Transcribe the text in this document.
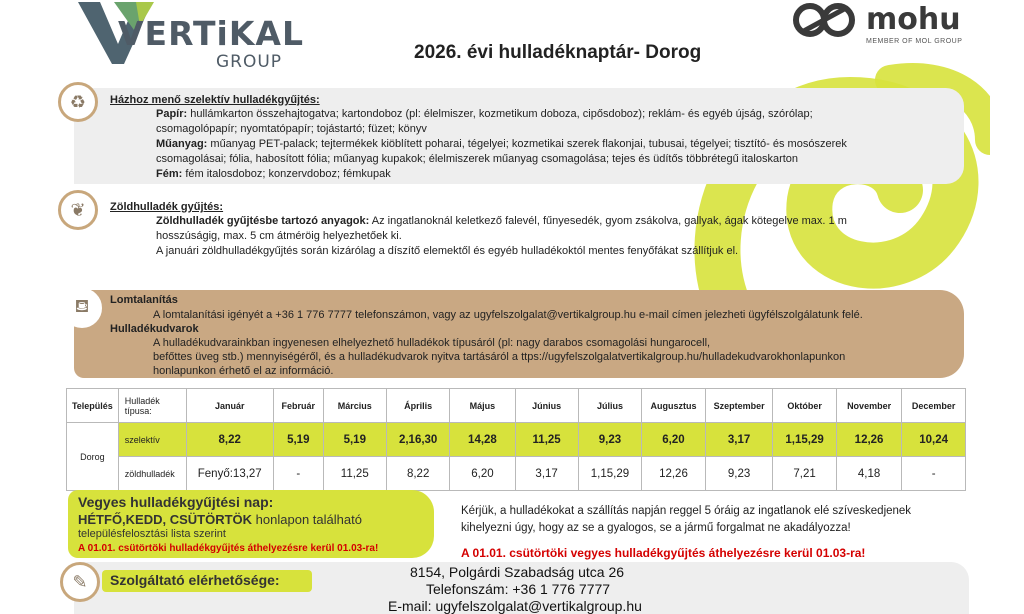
VERTiKAL
GROUP
mohu
MEMBER OF MOL GROUP
2026. évi hulladéknaptár- Dorog
♻	Házhoz menő szelektív hulladékgyűjtés:
Papír: hullámkarton összehajtogatva; kartondoboz (pl: élelmiszer, kozmetikum doboza, cipősdoboz); reklám- és egyéb újság, szórólap;
csomagolópapír; nyomtatópapír; tojástartó; füzet; könyv
Műanyag: műanyag PET-palack; tejtermékek kiöblített poharai, tégelyei; kozmetikai szerek flakonjai, tubusai, tégelyei; tisztító- és mosószerek
csomagolásai; fólia, habosított fólia; műanyag kupakok; élelmiszerek műanyag csomagolása; tejes és üdítős többrétegű italoskarton
Fém: fém italosdoboz; konzervdoboz; fémkupak
❦	Zöldhulladék gyűjtés:
Zöldhulladék gyűjtésbe tartozó anyagok: Az ingatlanoknál keletkező falevél, fűnyesedék, gyom zsákolva, gallyak, ágak kötegelve max. 1 m
hosszúságig, max. 5 cm átméröig helyezhetőek ki.
A januári zöldhulladékgyűjtés során kizárólag a díszítő elemektől és egyéb hulladékoktól mentes fenyőfákat szállítjuk el.
⛾	Lomtalanítás
A lomtalanítási igényét a +36 1 776 7777 telefonszámon, vagy az ugyfelszolgalat@vertikalgroup.hu e-mail címen jelezheti ügyfélszolgálatunk felé.
Hulladékudvarok
A hulladékudvarainkban ingyenesen elhelyezhető hulladékok típusáról (pl: nagy darabos csomagolási hungarocell,
befőttes üveg stb.) mennyiségéről, és a hulladékudvarok nyitva tartásáról a ttps://ugyfelszolgalatvertikalgroup.hu/hulladekudvarokhonlapunkon
honlapunkon érhető el az információ.
Település	Hulladék típusa:	Január	Február	Március	Április	Május	Június	Július	Augusztus	Szeptember	Október	November	December
Dorog	szelektív	8,22	5,19	5,19	2,16,30	14,28	11,25	9,23	6,20	3,17	1,15,29	12,26	10,24
	zöldhulladék	Fenyő:13,27	-	11,25	8,22	6,20	3,17	1,15,29	12,26	9,23	7,21	4,18	-
Vegyes hulladékgyűjtési nap:
HÉTFŐ,KEDD, CSÜTÖRTÖK honlapon található
településfelosztási lista szerint
A 01.01. csütörtöki hulladékgyűjtés áthelyezésre kerül 01.03-ra!
Kérjük, a hulladékokat a szállítás napján reggel 5 óráig az ingatlanok elé szíveskedjenek
kihelyezni úgy, hogy az se a gyalogos, se a jármű forgalmat ne akadályozza!
A 01.01. csütörtöki vegyes hulladékgyűjtés áthelyezésre kerül 01.03-ra!
✎	Szolgáltató elérhetősége:	8154, Polgárdi Szabadság utca 26
Telefonszám: +36 1 776 7777
E-mail: ugyfelszolgalat@vertikalgroup.hu
